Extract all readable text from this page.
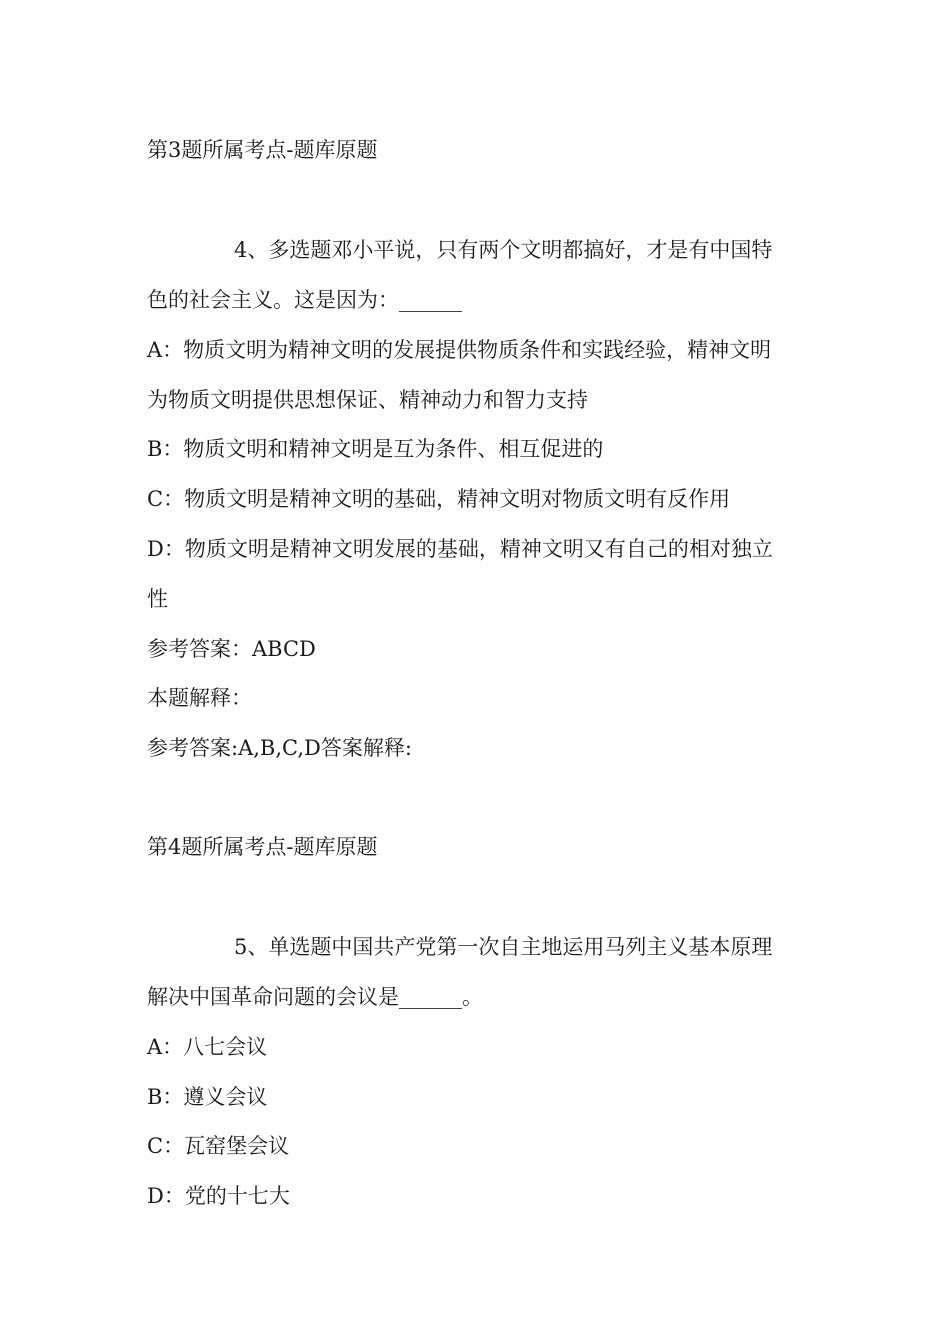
第3题所属考点-题库原题
4、多选题邓小平说，只有两个文明都搞好，才是有中国特
色的社会主义。这是因为：______
A：物质文明为精神文明的发展提供物质条件和实践经验，精神文明
为物质文明提供思想保证、精神动力和智力支持
B：物质文明和精神文明是互为条件、相互促进的
C：物质文明是精神文明的基础，精神文明对物质文明有反作用
D：物质文明是精神文明发展的基础，精神文明又有自己的相对独立
性
参考答案：ABCD
本题解释：
参考答案:A,B,C,D答案解释:
第4题所属考点-题库原题
5、单选题中国共产党第一次自主地运用马列主义基本原理
解决中国革命问题的会议是______。
A：八七会议
B：遵义会议
C：瓦窑堡会议
D：党的十七大
